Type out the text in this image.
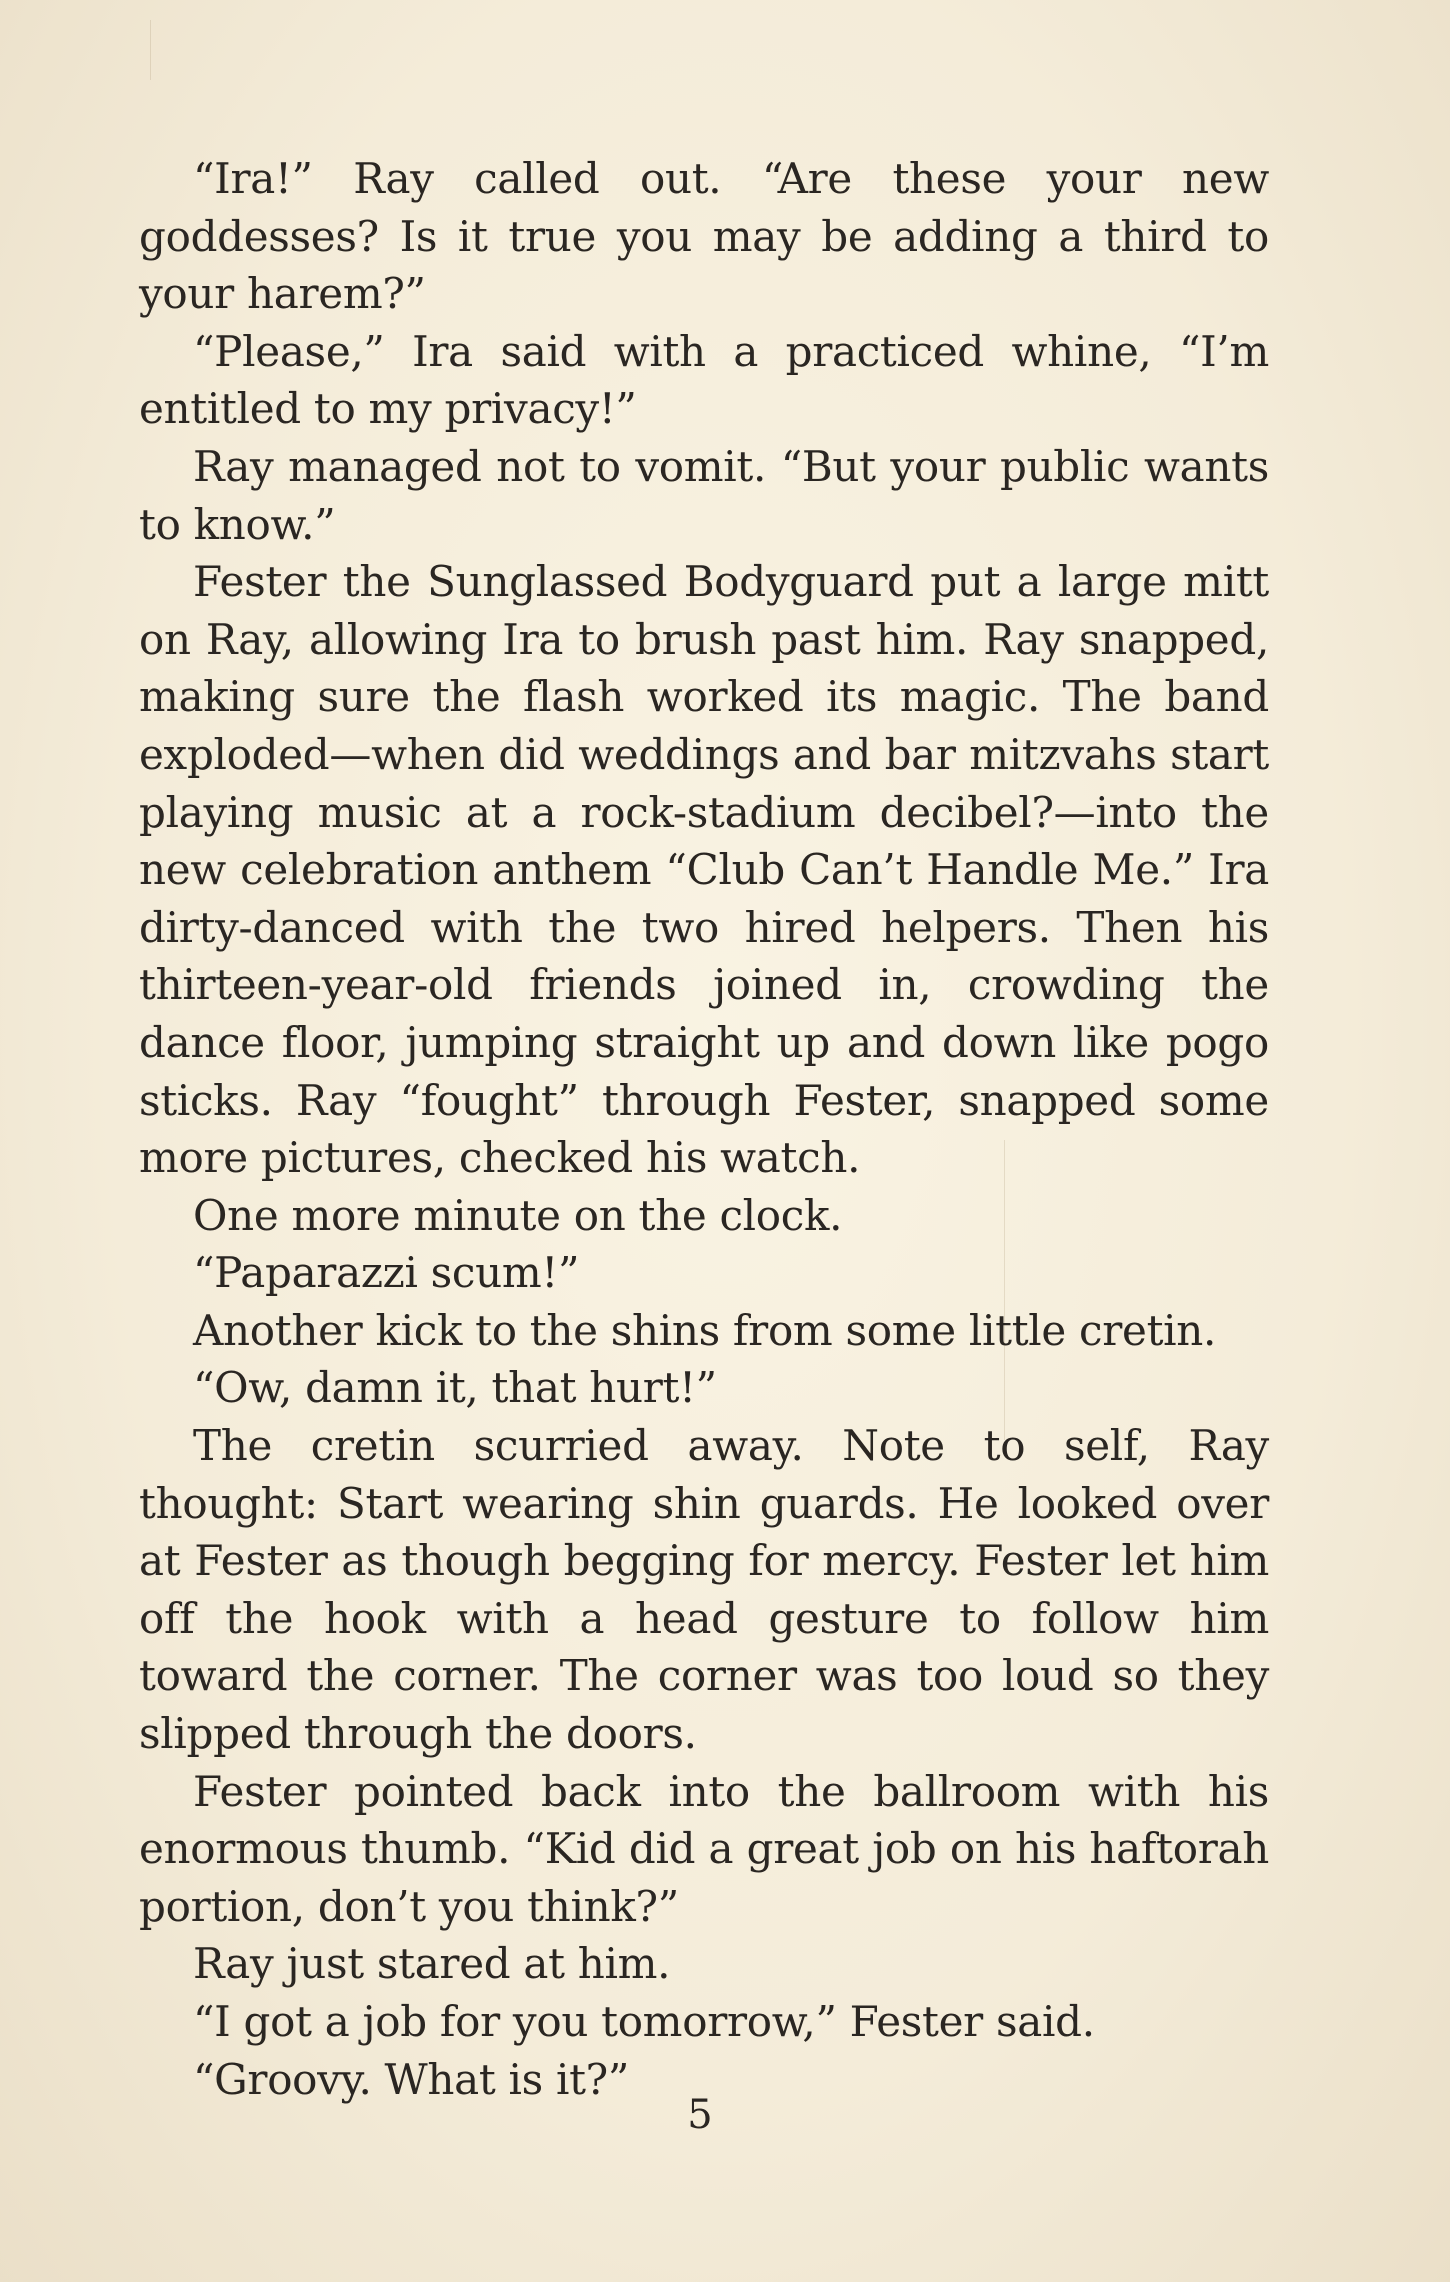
“Ira!” Ray called out. “Are these your new goddesses? Is it true you may be adding a third to your harem?”

“Please,” Ira said with a practiced whine, “I’m entitled to my privacy!”

Ray managed not to vomit. “But your public wants to know.”

Fester the Sunglassed Bodyguard put a large mitt on Ray, allowing Ira to brush past him. Ray snapped, making sure the flash worked its magic. The band exploded—when did weddings and bar mitzvahs start playing music at a rock-stadium decibel?—into the new celebration anthem “Club Can’t Handle Me.” Ira dirty-danced with the two hired helpers. Then his thirteen-year-old friends joined in, crowding the dance floor, jumping straight up and down like pogo sticks. Ray “fought” through Fester, snapped some more pictures, checked his watch.

One more minute on the clock.

“Paparazzi scum!”

Another kick to the shins from some little cretin.

“Ow, damn it, that hurt!”

The cretin scurried away. Note to self, Ray thought: Start wearing shin guards. He looked over at Fester as though begging for mercy. Fester let him off the hook with a head gesture to follow him toward the corner. The corner was too loud so they slipped through the doors.

Fester pointed back into the ballroom with his enormous thumb. “Kid did a great job on his haftorah portion, don’t you think?”

Ray just stared at him.

“I got a job for you tomorrow,” Fester said.

“Groovy. What is it?”

5
